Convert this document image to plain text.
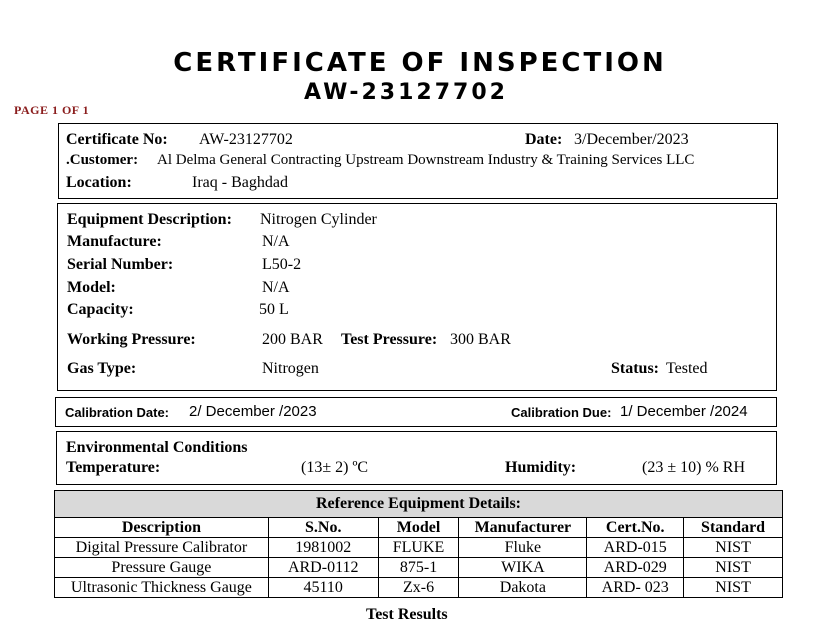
CERTIFICATE OF INSPECTION
AW-23127702
PAGE 1 OF 1
Certificate No: AW-23127702	Date: 3/December/2023
.Customer: Al Delma General Contracting Upstream Downstream Industry & Training Services LLC
Location:	Iraq - Baghdad
Equipment Description: Nitrogen Cylinder
Manufacture:	N/A
Serial Number:	L50-2
Model:	N/A
Capacity:	50 L
Working Pressure:	200 BAR Test Pressure: 300 BAR
Gas Type:	Nitrogen	Status: Tested
Calibration Date: 2/ December /2023	Calibration Due: 1/ December /2024
Environmental Conditions
Temperature:	(13± 2) ºC	Humidity:	(23 ± 10) % RH
Reference Equipment Details:					
Description	S.No.	Model	Manufacturer	Cert.No.	Standard
Digital Pressure Calibrator	1981002	FLUKE	Fluke	ARD-015	NIST
Pressure Gauge	ARD-0112	875-1	WIKA	ARD-029	NIST
Ultrasonic Thickness Gauge	45110	Zx-6	Dakota	ARD- 023	NIST
Test Results
